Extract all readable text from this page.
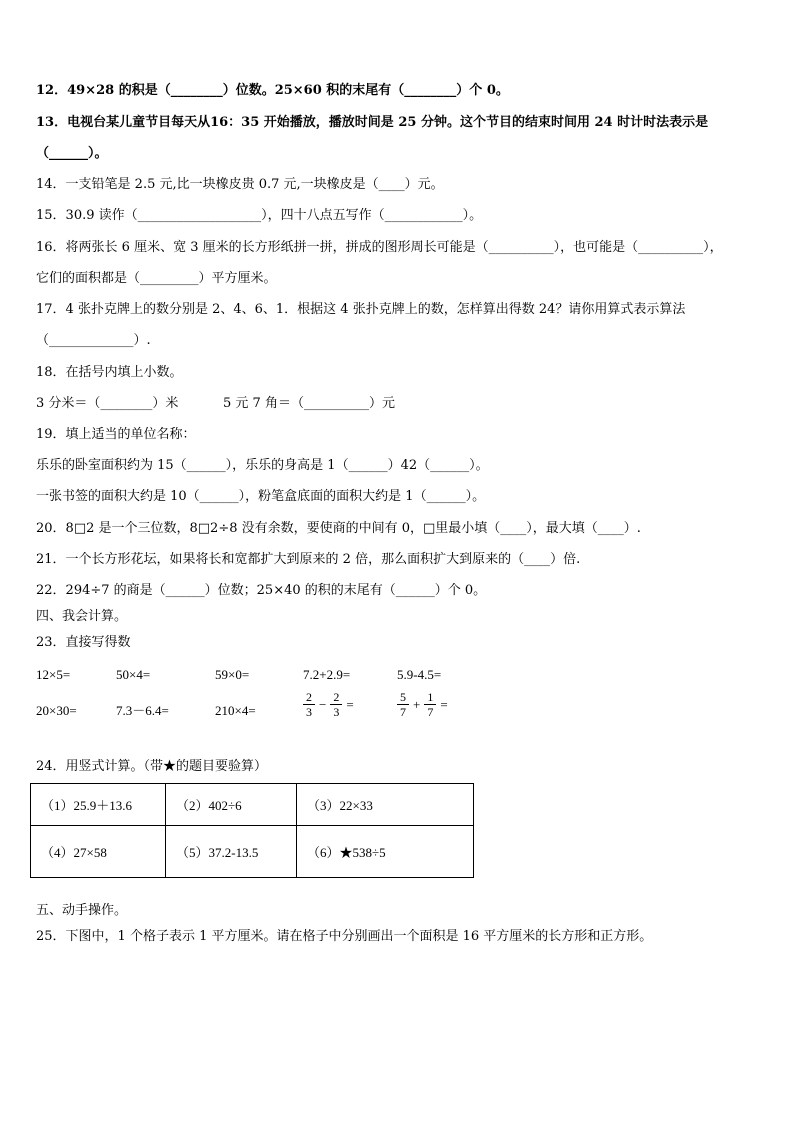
12．49×28 的积是（________）位数。25×60 积的末尾有（________）个 0。
13．电视台某儿童节目每天从16：35 开始播放，播放时间是 25 分钟。这个节目的结束时间用 24 时计时法表示是
（______）。
14．一支铅笔是 2.5 元,比一块橡皮贵 0.7 元,一块橡皮是（____）元。
15．30.9 读作（___________________），四十八点五写作（____________）。
16．将两张长 6 厘米、宽 3 厘米的长方形纸拼一拼，拼成的图形周长可能是（__________），也可能是（__________），
它们的面积都是（_________）平方厘米。
17．4 张扑克牌上的数分别是 2、4、6、1．根据这 4 张扑克牌上的数，怎样算出得数 24？请你用算式表示算法
（_____________）.
18．在括号内填上小数。
3 分米＝（________）米	5 元 7 角＝（__________）元
19．填上适当的单位名称：
乐乐的卧室面积约为 15（______），乐乐的身高是 1（______）42（______）。
一张书签的面积大约是 10（______），粉笔盒底面的面积大约是 1（______）。
20．8□2 是一个三位数，8□2÷8 没有余数，要使商的中间有 0，□里最小填（____），最大填（____）.
21．一个长方形花坛，如果将长和宽都扩大到原来的 2 倍，那么面积扩大到原来的（____）倍.
22．294÷7 的商是（______）位数；25×40 的积的末尾有（______）个 0。
四、我会计算。
23．直接写得数
12×5=	50×4=	59×0=	7.2+2.9=	5.9-4.5=
20×30=	7.3－6.4=	210×4=	$\frac{2}{3} - \frac{2}{3}$ =	$\frac{5}{7} + \frac{1}{7}$ =
24．用竖式计算。（带★的题目要验算）
（1）25.9＋13.6	（2）402÷6	（3）22×33
（4）27×58	（5）37.2-13.5	（6）★538÷5
五、动手操作。
25．下图中，1 个格子表示 1 平方厘米。请在格子中分别画出一个面积是 16 平方厘米的长方形和正方形。
